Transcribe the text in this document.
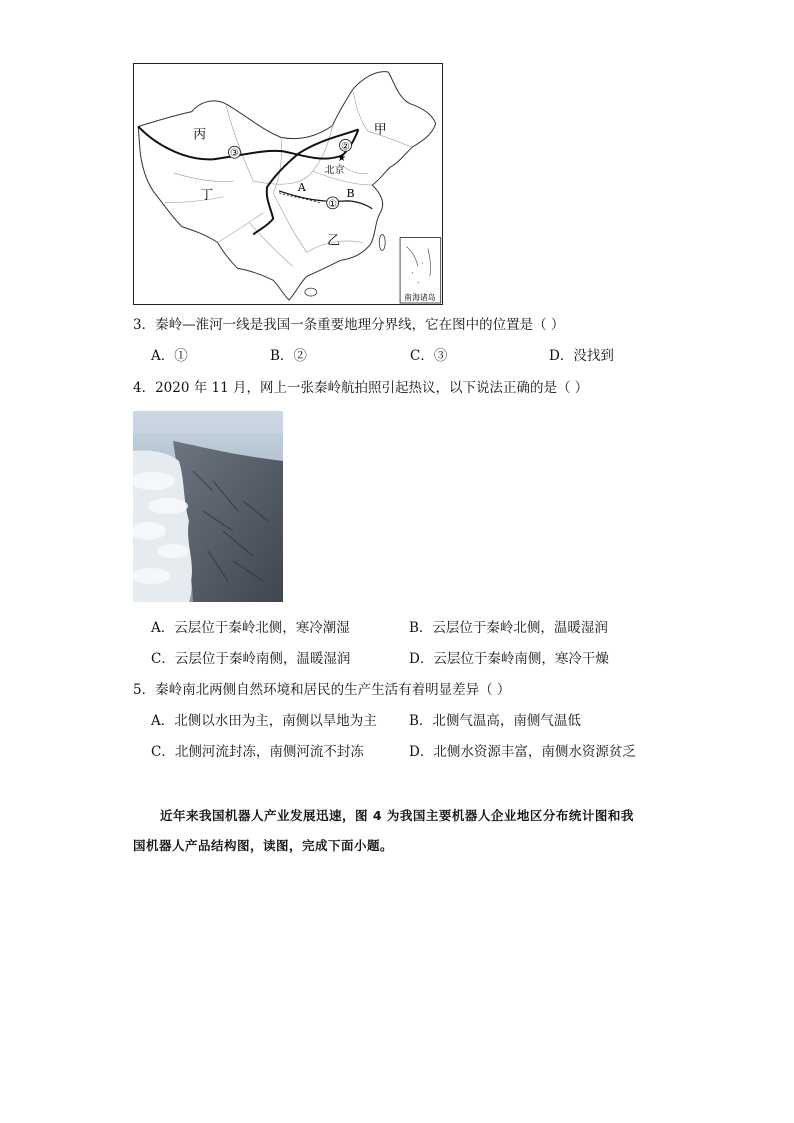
★
③
②
①
丙	甲
丁
乙
A	B
北京
南海诸岛
3．秦岭—淮河一线是我国一条重要地理分界线，它在图中的位置是（ ）
A．①	B．②	C．③	D．没找到
4．2020 年 11 月，网上一张秦岭航拍照引起热议，以下说法正确的是（ ）
A．云层位于秦岭北侧，寒冷潮湿	B．云层位于秦岭北侧，温暖湿润
C．云层位于秦岭南侧，温暖湿润	D．云层位于秦岭南侧，寒冷干燥
5．秦岭南北两侧自然环境和居民的生产生活有着明显差异（ ）
A．北侧以水田为主，南侧以旱地为主 B．北侧气温高，南侧气温低
C．北侧河流封冻，南侧河流不封冻	D．北侧水资源丰富，南侧水资源贫乏
近年来我国机器人产业发展迅速，图 4 为我国主要机器人企业地区分布统计图和我
国机器人产品结构图，读图，完成下面小题。
